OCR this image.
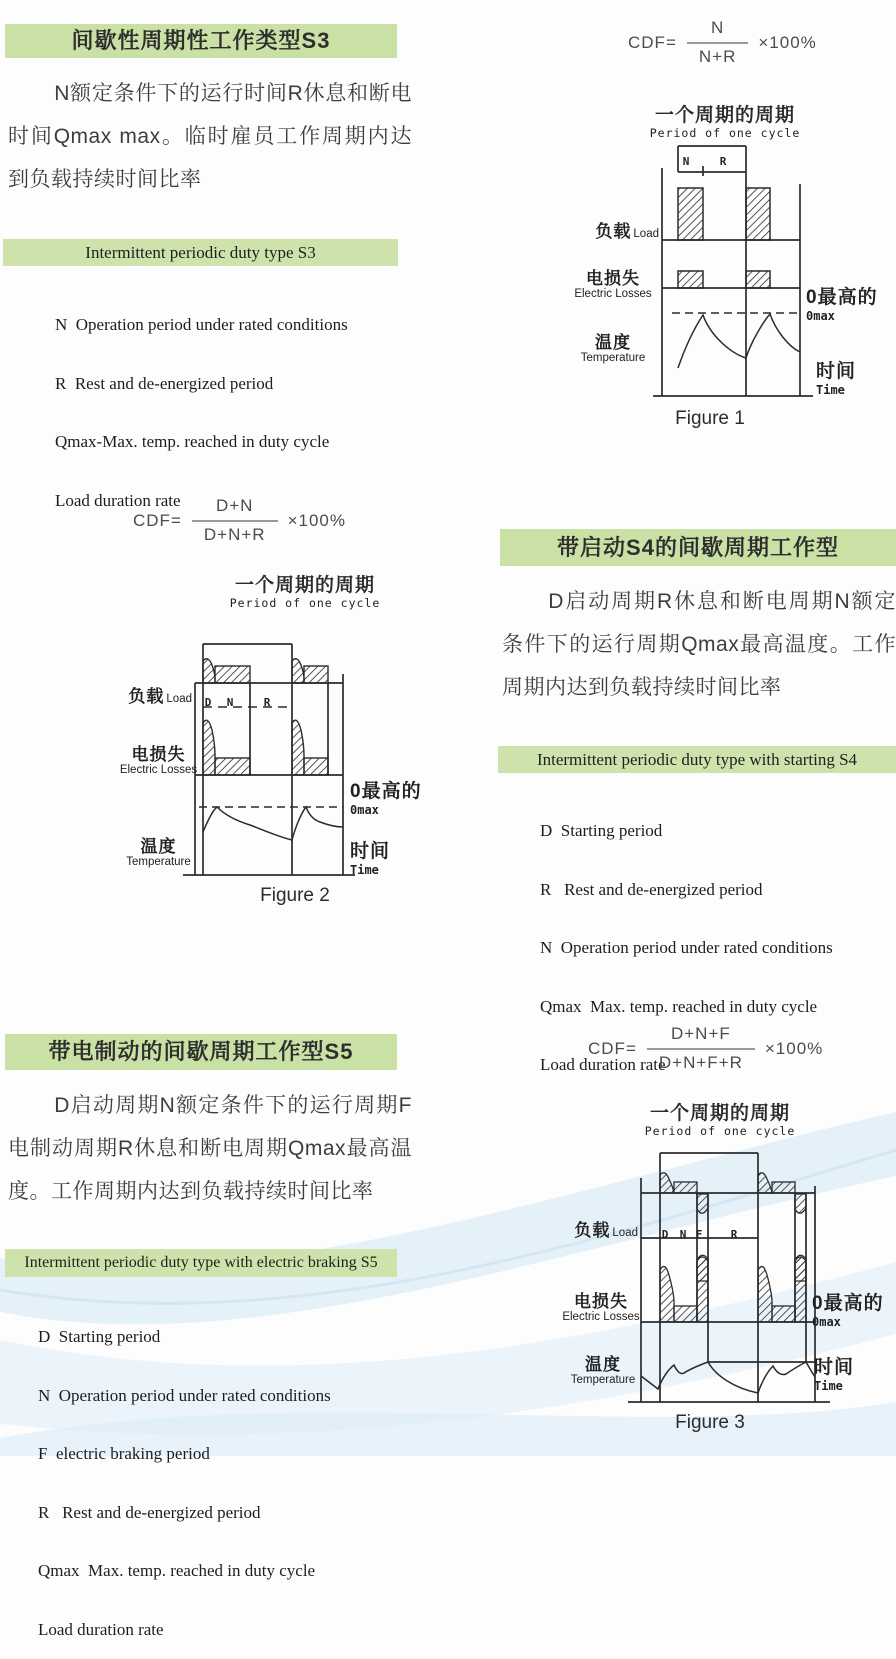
间歇性周期性工作类型S3
N额定条件下的运行时间R休息和断电时间Qmax max。临时雇员工作周期内达到负载持续时间比率
Intermittent periodic duty type S3

N  Operation period under rated conditions

R  Rest and de-energized period

Qmax-Max. temp. reached in duty cycle

Load duration rate

$CDF= \frac{N}{N+R} \times 100\%$
一个周期的周期
Period of one cycle
N	R
负载 Load
电损失
Electric Losses
温度
Temperature
0最高的
0max
时间
Time
Figure 1
$CDF= \frac{D+N}{D+N+R} \times 100\%$
一个周期的周期
Period of one cycle
D N	R
负载 Load
电损失
Electric Losses
温度
Temperature
0最高的
0max
时间
Time
Figure 2
带启动S4的间歇周期工作型
D启动周期R休息和断电周期N额定条件下的运行周期Qmax最高温度。工作周期内达到负载持续时间比率
Intermittent periodic duty type with starting S4

D  Starting period

R   Rest and de-energized period

N  Operation period under rated conditions

Qmax  Max. temp. reached in duty cycle

Load duration rate

带电制动的间歇周期工作型S5
D启动周期N额定条件下的运行周期F电制动周期R休息和断电周期Qmax最高温度。工作周期内达到负载持续时间比率
Intermittent periodic duty type with electric braking S5

D  Starting period

N  Operation period under rated conditions

F  electric braking period

R   Rest and de-energized period

Qmax  Max. temp. reached in duty cycle

Load duration rate

$CDF= \frac{D+N+F}{D+N+F+R} \times 100\%$
一个周期的周期
Period of one cycle
D N F	R
负载 Load
电损失
Electric Losses
温度
Temperature
0最高的
0max
时间
Time
Figure 3
